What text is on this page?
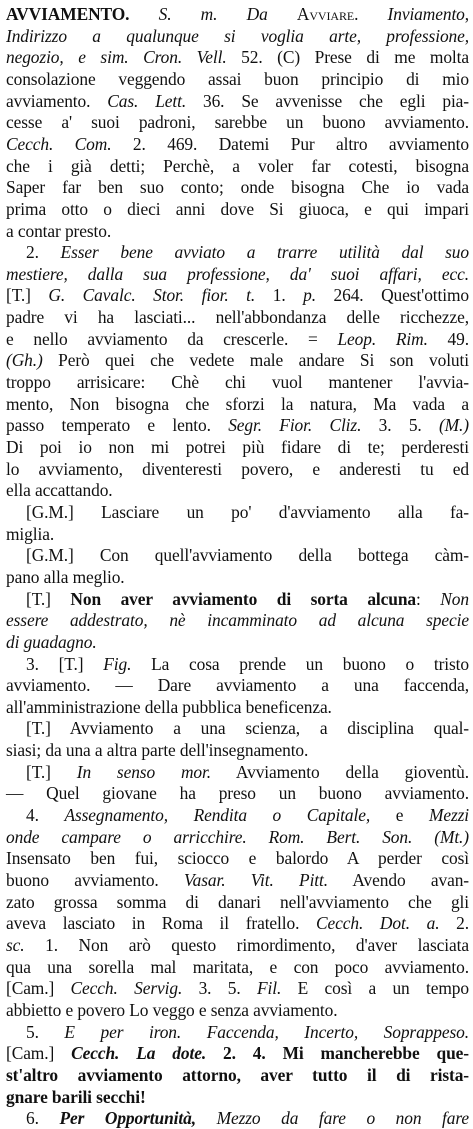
AVVIAMENTO. S. m. Da Avviare. Inviamento,
Indirizzo a qualunque si voglia arte, professione,
negozio, e sim. Cron. Vell. 52. (C) Prese di me molta
consolazione veggendo assai buon principio di mio
avviamento. Cas. Lett. 36. Se avvenisse che egli pia-
cesse a' suoi padroni, sarebbe un buono avviamento.
Cecch. Com. 2. 469. Datemi Pur altro avviamento
che i già detti; Perchè, a voler far cotesti, bisogna
Saper far ben suo conto; onde bisogna Che io vada
prima otto o dieci anni dove Si giuoca, e qui impari
a contar presto.
2. Esser bene avviato a trarre utilità dal suo
mestiere, dalla sua professione, da' suoi affari, ecc.
[T.] G. Cavalc. Stor. fior. t. 1. p. 264. Quest'ottimo
padre vi ha lasciati... nell'abbondanza delle ricchezze,
e nello avviamento da crescerle. = Leop. Rim. 49.
(Gh.) Però quei che vedete male andare Si son voluti
troppo arrisicare: Chè chi vuol mantener l'avvia-
mento, Non bisogna che sforzi la natura, Ma vada a
passo temperato e lento. Segr. Fior. Cliz. 3. 5. (M.)
Di poi io non mi potrei più fidare di te; perderesti
lo avviamento, diventeresti povero, e anderesti tu ed
ella accattando.
[G.M.] Lasciare un po' d'avviamento alla fa-
miglia.
[G.M.] Con quell'avviamento della bottega càm-
pano alla meglio.
[T.] Non aver avviamento di sorta alcuna: Non
essere addestrato, nè incamminato ad alcuna specie
di guadagno.
3. [T.] Fig. La cosa prende un buono o tristo
avviamento. — Dare avviamento a una faccenda,
all'amministrazione della pubblica beneficenza.
[T.] Avviamento a una scienza, a disciplina qual-
siasi; da una a altra parte dell'insegnamento.
[T.] In senso mor. Avviamento della gioventù.
— Quel giovane ha preso un buono avviamento.
4. Assegnamento, Rendita o Capitale, e Mezzi
onde campare o arricchire. Rom. Bert. Son. (Mt.)
Insensato ben fui, sciocco e balordo A perder così
buono avviamento. Vasar. Vit. Pitt. Avendo avan-
zato grossa somma di danari nell'avviamento che gli
aveva lasciato in Roma il fratello. Cecch. Dot. a. 2.
sc. 1. Non arò questo rimordimento, d'aver lasciata
qua una sorella mal maritata, e con poco avviamento.
[Cam.] Cecch. Servig. 3. 5. Fil. E così a un tempo
abbietto e povero Lo veggo e senza avviamento.
5. E per iron. Faccenda, Incerto, Soprappeso.
[Cam.] Cecch. La dote. 2. 4. Mi mancherebbe que-
st'altro avviamento attorno, aver tutto il di ristа-
gnare barili secchi!
6. Per Opportunità, Mezzo da fare o non fare
